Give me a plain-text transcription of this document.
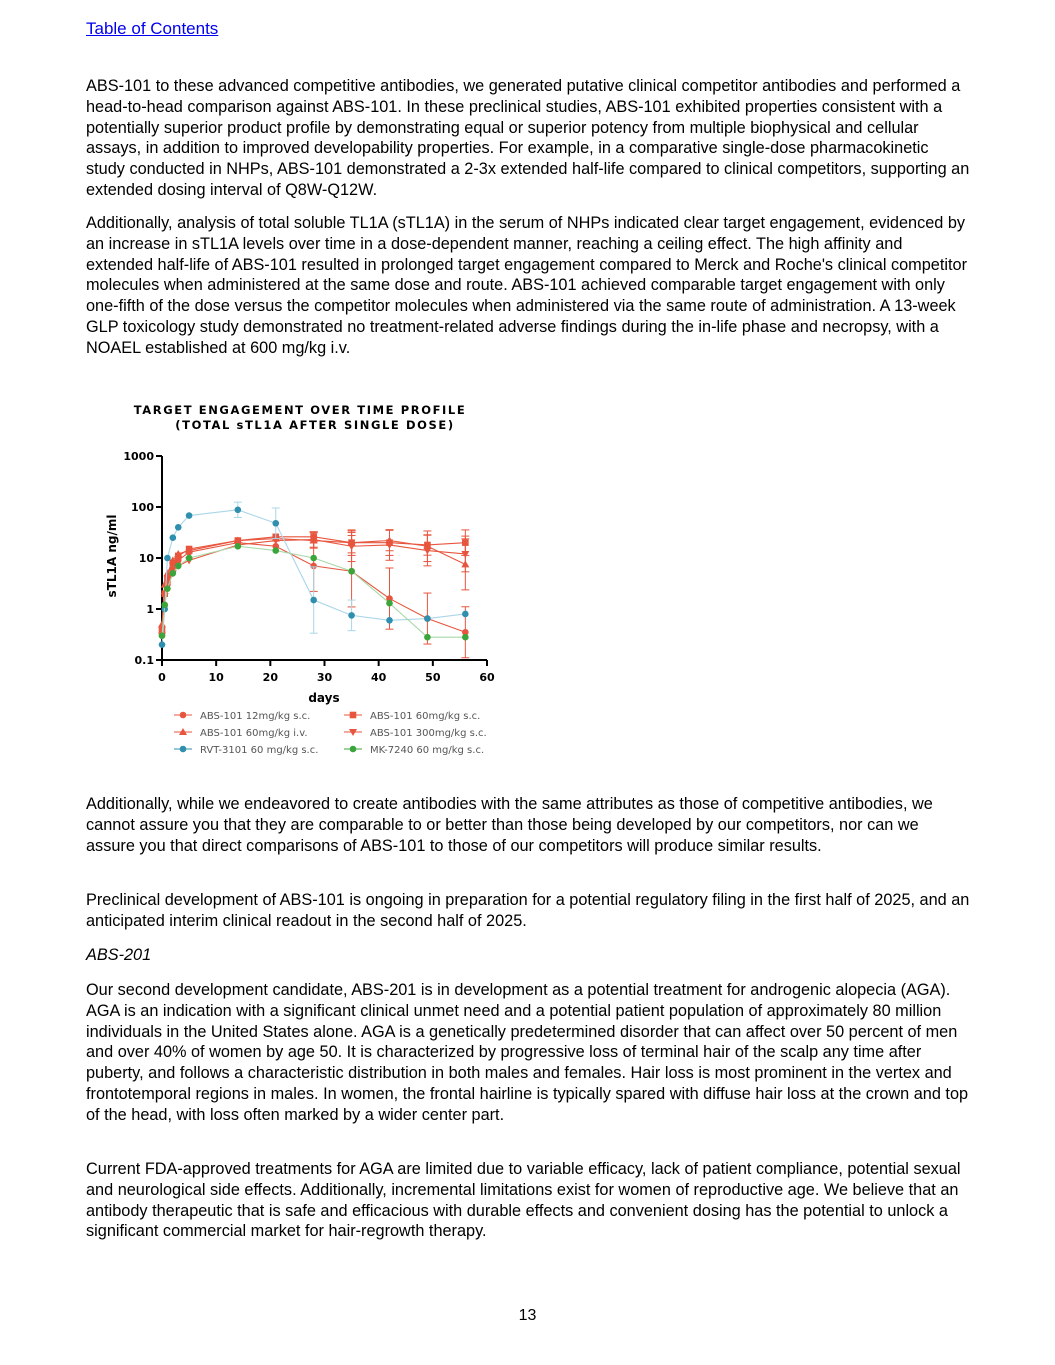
Table of Contents

ABS-101 to these advanced competitive antibodies, we generated putative clinical competitor antibodies and performed a head-to-head comparison against ABS-101. In these preclinical studies, ABS-101 exhibited properties consistent with a potentially superior product profile by demonstrating equal or superior potency from multiple biophysical and cellular assays, in addition to improved developability properties. For example, in a comparative single-dose pharmacokinetic study conducted in NHPs, ABS-101 demonstrated a 2-3x extended half-life compared to clinical competitors, supporting an extended dosing interval of Q8W-Q12W.

Additionally, analysis of total soluble TL1A (sTL1A) in the serum of NHPs indicated clear target engagement, evidenced by an increase in sTL1A levels over time in a dose-dependent manner, reaching a ceiling effect. The high affinity and extended half-life of ABS-101 resulted in prolonged target engagement compared to Merck and Roche's clinical competitor molecules when administered at the same dose and route. ABS-101 achieved comparable target engagement with only one-fifth of the dose versus the competitor molecules when administered via the same route of administration. A 13-week GLP toxicology study demonstrated no treatment-related adverse findings during the in-life phase and necropsy, with a NOAEL established at 600 mg/kg i.v.

TARGET ENGAGEMENT OVER TIME PROFILE
(TOTAL sTL1A AFTER SINGLE DOSE)
0.1
1
10
100
1000
0	10	20	30	40	50	60
days
sTL1A ng/ml
ABS-101 12mg/kg s.c.	ABS-101 60mg/kg s.c.
ABS-101 60mg/kg i.v.	ABS-101 300mg/kg s.c.
RVT-3101 60 mg/kg s.c.	MK-7240 60 mg/kg s.c.

Additionally, while we endeavored to create antibodies with the same attributes as those of competitive antibodies, we cannot assure you that they are comparable to or better than those being developed by our competitors, nor can we assure you that direct comparisons of ABS-101 to those of our competitors will produce similar results.

Preclinical development of ABS-101 is ongoing in preparation for a potential regulatory filing in the first half of 2025, and an anticipated interim clinical readout in the second half of 2025.

ABS-201

Our second development candidate, ABS-201 is in development as a potential treatment for androgenic alopecia (AGA). AGA is an indication with a significant clinical unmet need and a potential patient population of approximately 80 million individuals in the United States alone. AGA is a genetically predetermined disorder that can affect over 50 percent of men and over 40% of women by age 50. It is characterized by progressive loss of terminal hair of the scalp any time after puberty, and follows a characteristic distribution in both males and females. Hair loss is most prominent in the vertex and frontotemporal regions in males. In women, the frontal hairline is typically spared with diffuse hair loss at the crown and top of the head, with loss often marked by a wider center part.

Current FDA-approved treatments for AGA are limited due to variable efficacy, lack of patient compliance, potential sexual and neurological side effects. Additionally, incremental limitations exist for women of reproductive age. We believe that an antibody therapeutic that is safe and efficacious with durable effects and convenient dosing has the potential to unlock a significant commercial market for hair-regrowth therapy.

13
